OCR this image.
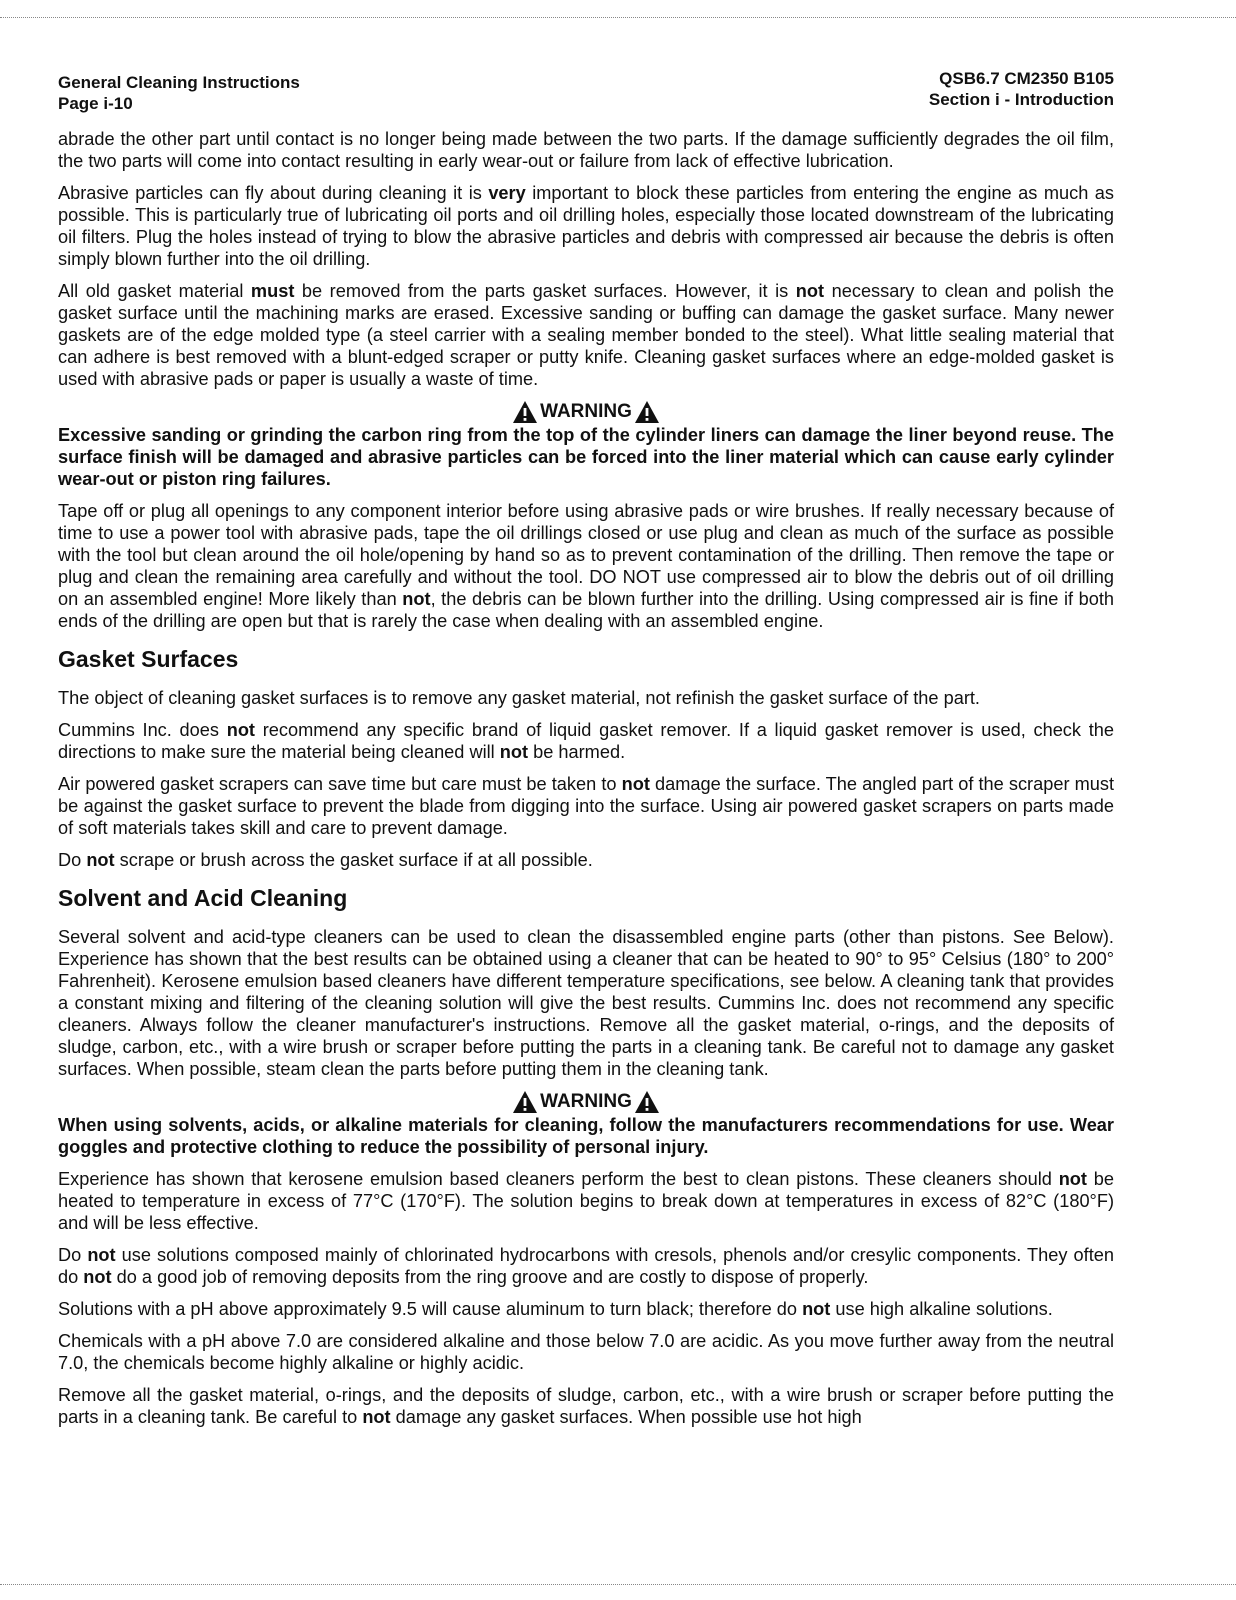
General Cleaning Instructions
Page i-10
QSB6.7 CM2350 B105
Section i - Introduction

abrade the other part until contact is no longer being made between the two parts. If the damage sufficiently degrades the oil film, the two parts will come into contact resulting in early wear-out or failure from lack of effective lubrication.

Abrasive particles can fly about during cleaning it is very important to block these particles from entering the engine as much as possible. This is particularly true of lubricating oil ports and oil drilling holes, especially those located downstream of the lubricating oil filters. Plug the holes instead of trying to blow the abrasive particles and debris with compressed air because the debris is often simply blown further into the oil drilling.

All old gasket material must be removed from the parts gasket surfaces. However, it is not necessary to clean and polish the gasket surface until the machining marks are erased. Excessive sanding or buffing can damage the gasket surface. Many newer gaskets are of the edge molded type (a steel carrier with a sealing member bonded to the steel). What little sealing material that can adhere is best removed with a blunt-edged scraper or putty knife. Cleaning gasket surfaces where an edge-molded gasket is used with abrasive pads or paper is usually a waste of time.

WARNING
Excessive sanding or grinding the carbon ring from the top of the cylinder liners can damage the liner beyond reuse. The surface finish will be damaged and abrasive particles can be forced into the liner material which can cause early cylinder wear-out or piston ring failures.

Tape off or plug all openings to any component interior before using abrasive pads or wire brushes. If really necessary because of time to use a power tool with abrasive pads, tape the oil drillings closed or use plug and clean as much of the surface as possible with the tool but clean around the oil hole/opening by hand so as to prevent contamination of the drilling. Then remove the tape or plug and clean the remaining area carefully and without the tool. DO NOT use compressed air to blow the debris out of oil drilling on an assembled engine! More likely than not, the debris can be blown further into the drilling. Using compressed air is fine if both ends of the drilling are open but that is rarely the case when dealing with an assembled engine.

Gasket Surfaces

The object of cleaning gasket surfaces is to remove any gasket material, not refinish the gasket surface of the part.

Cummins Inc. does not recommend any specific brand of liquid gasket remover. If a liquid gasket remover is used, check the directions to make sure the material being cleaned will not be harmed.

Air powered gasket scrapers can save time but care must be taken to not damage the surface. The angled part of the scraper must be against the gasket surface to prevent the blade from digging into the surface. Using air powered gasket scrapers on parts made of soft materials takes skill and care to prevent damage.

Do not scrape or brush across the gasket surface if at all possible.

Solvent and Acid Cleaning

Several solvent and acid-type cleaners can be used to clean the disassembled engine parts (other than pistons. See Below). Experience has shown that the best results can be obtained using a cleaner that can be heated to 90° to 95° Celsius (180° to 200° Fahrenheit). Kerosene emulsion based cleaners have different temperature specifications, see below. A cleaning tank that provides a constant mixing and filtering of the cleaning solution will give the best results. Cummins Inc. does not recommend any specific cleaners. Always follow the cleaner manufacturer's instructions. Remove all the gasket material, o-rings, and the deposits of sludge, carbon, etc., with a wire brush or scraper before putting the parts in a cleaning tank. Be careful not to damage any gasket surfaces. When possible, steam clean the parts before putting them in the cleaning tank.

WARNING
When using solvents, acids, or alkaline materials for cleaning, follow the manufacturers recommendations for use. Wear goggles and protective clothing to reduce the possibility of personal injury.

Experience has shown that kerosene emulsion based cleaners perform the best to clean pistons. These cleaners should not be heated to temperature in excess of 77°C (170°F). The solution begins to break down at temperatures in excess of 82°C (180°F) and will be less effective.

Do not use solutions composed mainly of chlorinated hydrocarbons with cresols, phenols and/or cresylic components. They often do not do a good job of removing deposits from the ring groove and are costly to dispose of properly.

Solutions with a pH above approximately 9.5 will cause aluminum to turn black; therefore do not use high alkaline solutions.

Chemicals with a pH above 7.0 are considered alkaline and those below 7.0 are acidic. As you move further away from the neutral 7.0, the chemicals become highly alkaline or highly acidic.

Remove all the gasket material, o-rings, and the deposits of sludge, carbon, etc., with a wire brush or scraper before putting the parts in a cleaning tank. Be careful to not damage any gasket surfaces. When possible use hot high
